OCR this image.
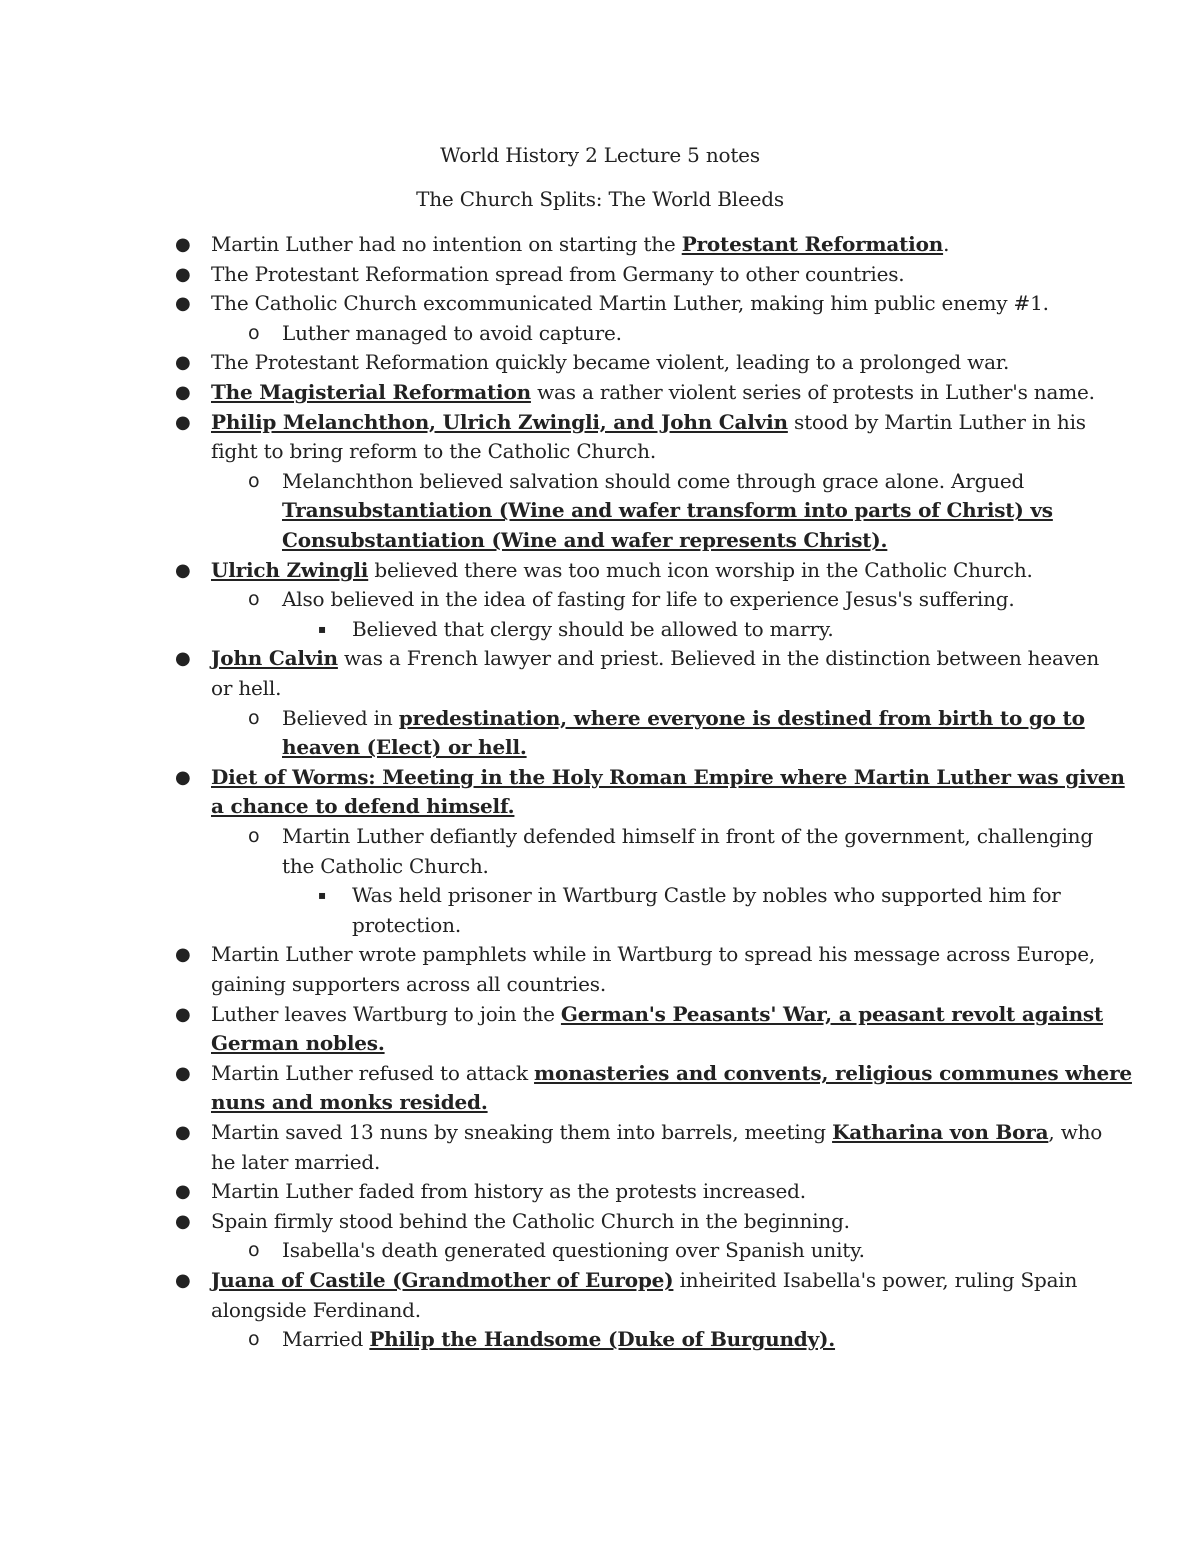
World History 2 Lecture 5 notes
The Church Splits: The World Bleeds
● Martin Luther had no intention on starting the Protestant Reformation.
● The Protestant Reformation spread from Germany to other countries.
● The Catholic Church excommunicated Martin Luther, making him public enemy #1.
o Luther managed to avoid capture.
● The Protestant Reformation quickly became violent, leading to a prolonged war.
● The Magisterial Reformation was a rather violent series of protests in Luther's name.
● Philip Melanchthon, Ulrich Zwingli, and John Calvin stood by Martin Luther in his
fight to bring reform to the Catholic Church.
o Melanchthon believed salvation should come through grace alone. Argued
Transubstantiation (Wine and wafer transform into parts of Christ) vs
Consubstantiation (Wine and wafer represents Christ).
● Ulrich Zwingli believed there was too much icon worship in the Catholic Church.
o Also believed in the idea of fasting for life to experience Jesus's suffering.
▪ Believed that clergy should be allowed to marry.
● John Calvin was a French lawyer and priest. Believed in the distinction between heaven
or hell.
o Believed in predestination, where everyone is destined from birth to go to
heaven (Elect) or hell.
● Diet of Worms: Meeting in the Holy Roman Empire where Martin Luther was given
a chance to defend himself.
o Martin Luther defiantly defended himself in front of the government, challenging
the Catholic Church.
▪ Was held prisoner in Wartburg Castle by nobles who supported him for
protection.
● Martin Luther wrote pamphlets while in Wartburg to spread his message across Europe,
gaining supporters across all countries.
● Luther leaves Wartburg to join the German's Peasants' War, a peasant revolt against
German nobles.
● Martin Luther refused to attack monasteries and convents, religious communes where
nuns and monks resided.
● Martin saved 13 nuns by sneaking them into barrels, meeting Katharina von Bora, who
he later married.
● Martin Luther faded from history as the protests increased.
● Spain firmly stood behind the Catholic Church in the beginning.
o Isabella's death generated questioning over Spanish unity.
● Juana of Castile (Grandmother of Europe) inheirited Isabella's power, ruling Spain
alongside Ferdinand.
o Married Philip the Handsome (Duke of Burgundy).
